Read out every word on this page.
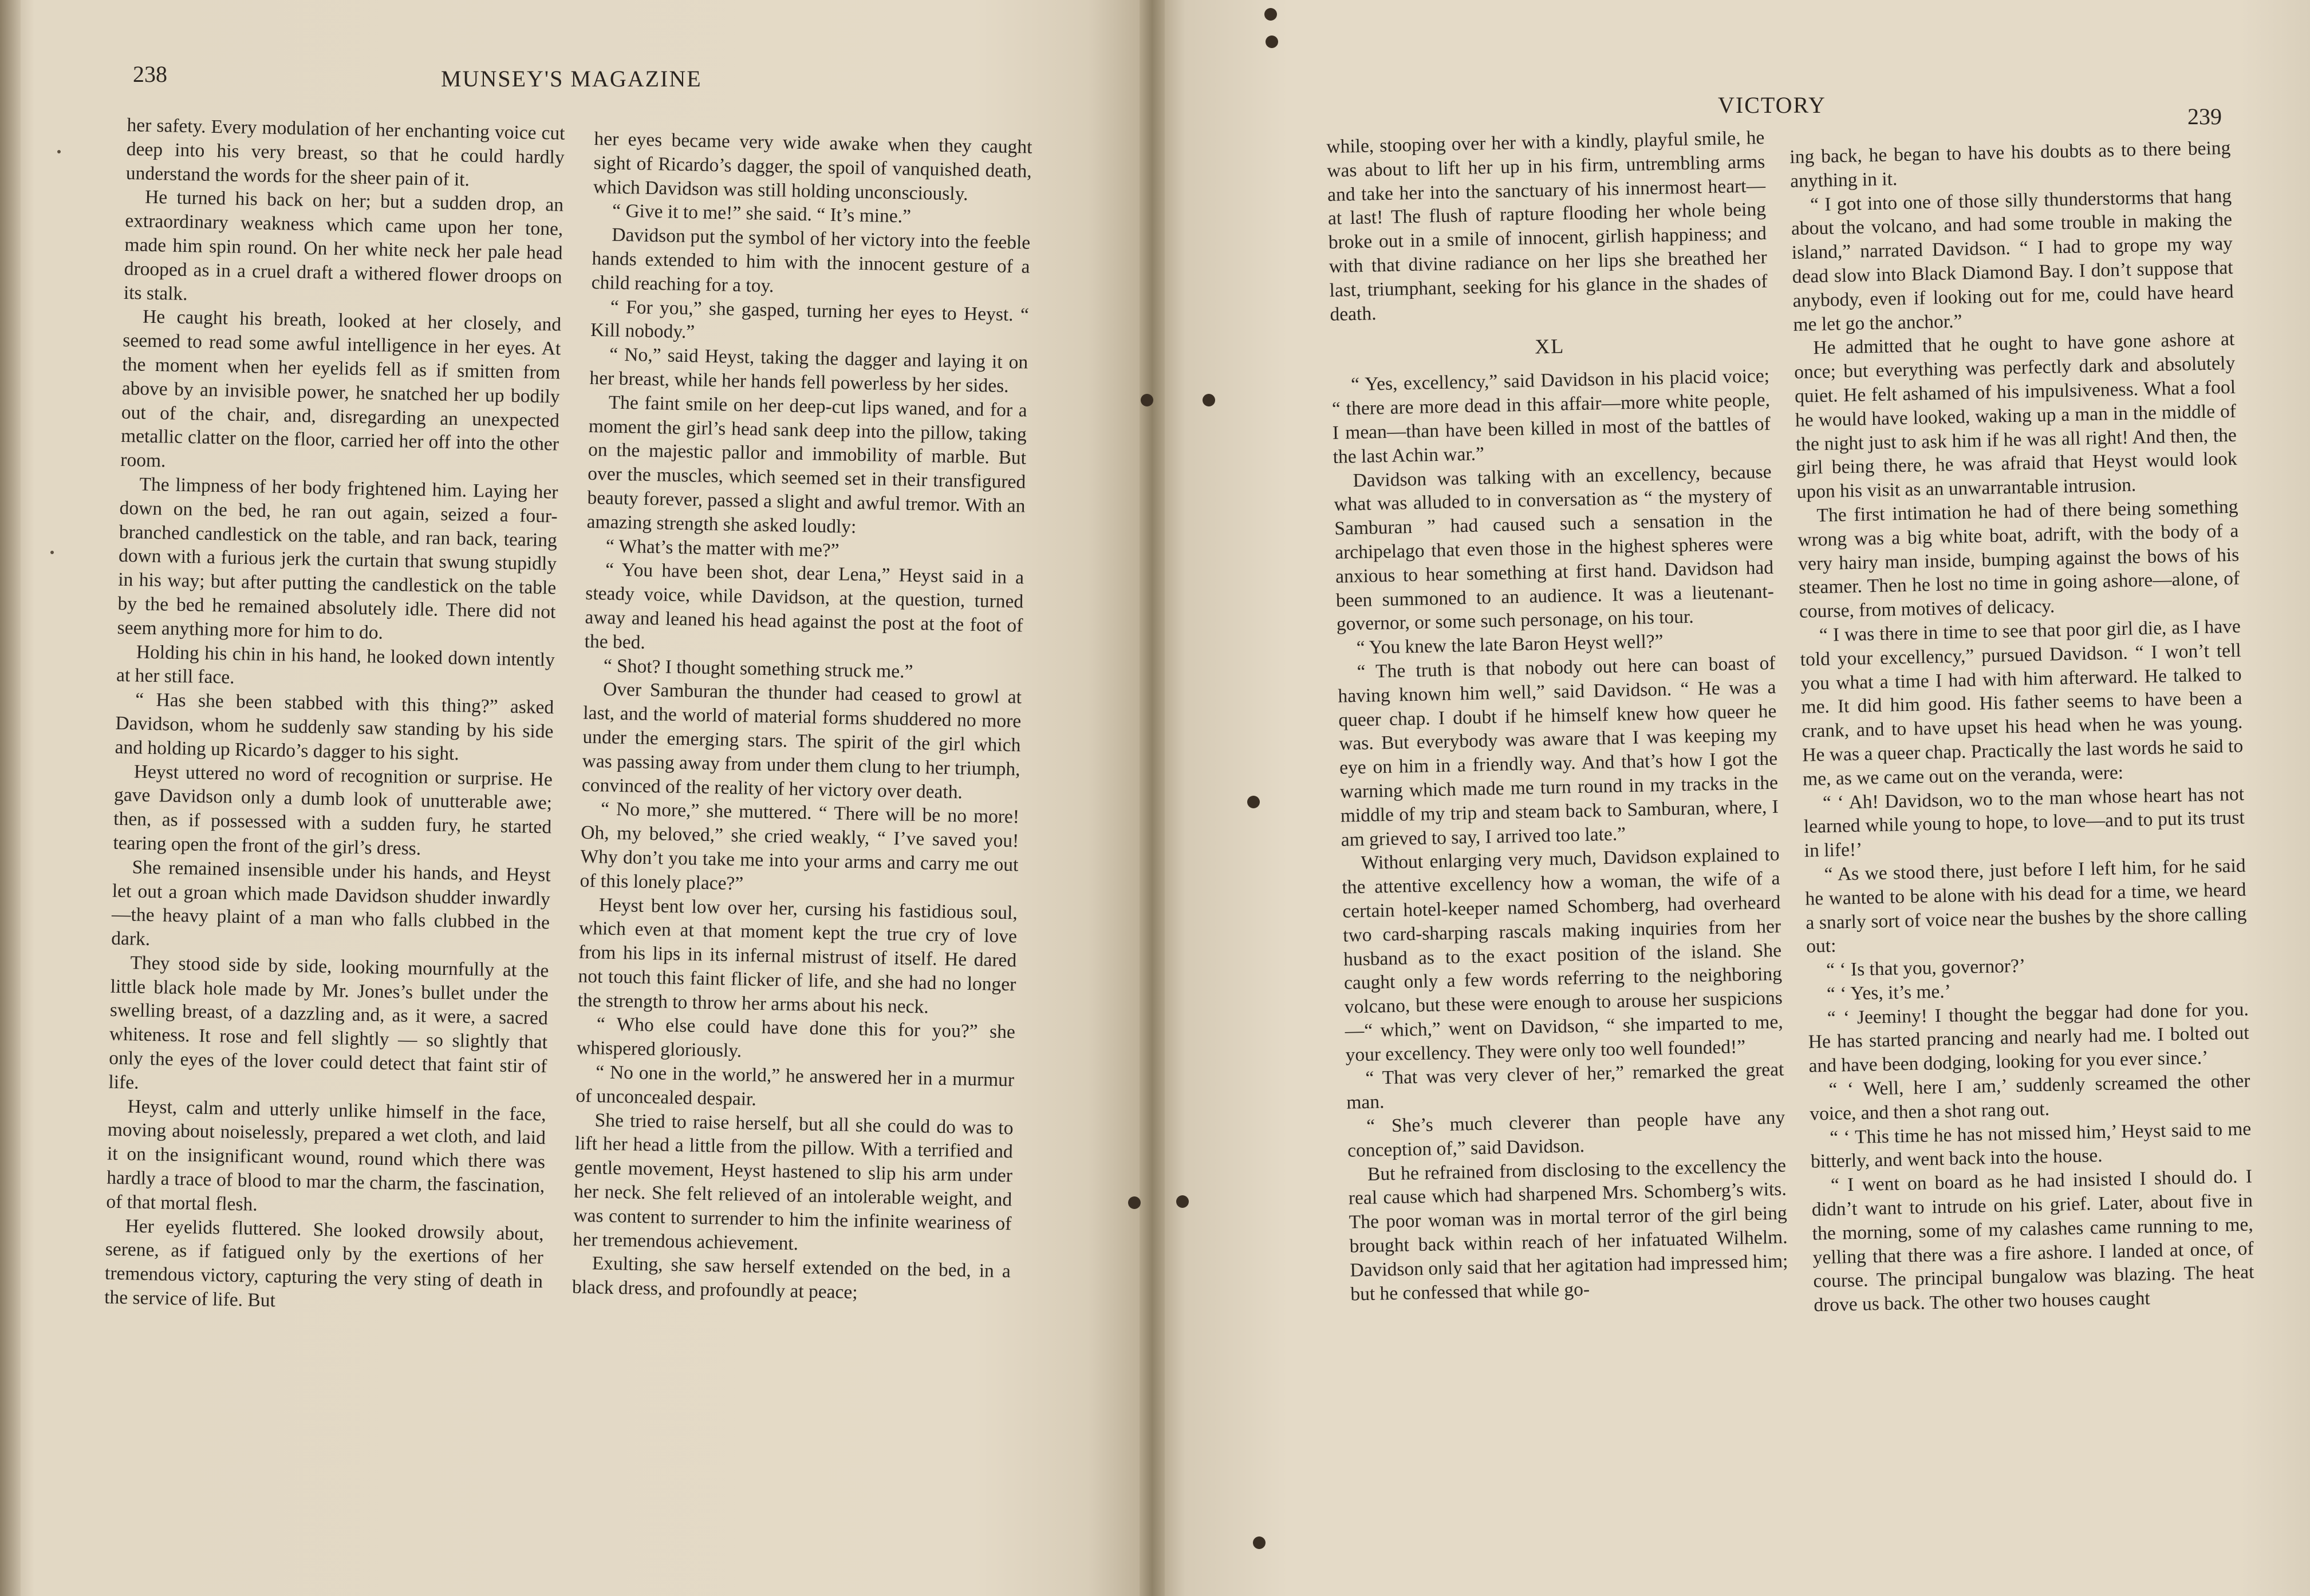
238	MUNSEY'S MAGAZINE

her safety. Every modulation of her enchanting voice cut deep into his very breast, so that he could hardly understand the words for the sheer pain of it.

He turned his back on her; but a sudden drop, an extraordinary weakness which came upon her tone, made him spin round. On her white neck her pale head drooped as in a cruel draft a withered flower droops on its stalk.

He caught his breath, looked at her closely, and seemed to read some awful intelligence in her eyes. At the moment when her eyelids fell as if smitten from above by an invisible power, he snatched her up bodily out of the chair, and, disregarding an unexpected metallic clatter on the floor, carried her off into the other room.

The limpness of her body frightened him. Laying her down on the bed, he ran out again, seized a four-branched candlestick on the table, and ran back, tearing down with a furious jerk the curtain that swung stupidly in his way; but after putting the candlestick on the table by the bed he remained absolutely idle. There did not seem anything more for him to do.

Holding his chin in his hand, he looked down intently at her still face.

“ Has she been stabbed with this thing?” asked Davidson, whom he suddenly saw standing by his side and holding up Ricardo’s dagger to his sight.

Heyst uttered no word of recognition or surprise. He gave Davidson only a dumb look of unutterable awe; then, as if possessed with a sudden fury, he started tearing open the front of the girl’s dress.

She remained insensible under his hands, and Heyst let out a groan which made Davidson shudder inwardly—the heavy plaint of a man who falls clubbed in the dark.

They stood side by side, looking mournfully at the little black hole made by Mr. Jones’s bullet under the swelling breast, of a dazzling and, as it were, a sacred whiteness. It rose and fell slightly — so slightly that only the eyes of the lover could detect that faint stir of life.

Heyst, calm and utterly unlike himself in the face, moving about noiselessly, prepared a wet cloth, and laid it on the insignificant wound, round which there was hardly a trace of blood to mar the charm, the fascination, of that mortal flesh.

Her eyelids fluttered. She looked drowsily about, serene, as if fatigued only by the exertions of her tremendous victory, capturing the very sting of death in the service of life. But

her eyes became very wide awake when they caught sight of Ricardo’s dagger, the spoil of vanquished death, which Davidson was still holding unconsciously.

“ Give it to me!” she said. “ It’s mine.”

Davidson put the symbol of her victory into the feeble hands extended to him with the innocent gesture of a child reaching for a toy.

“ For you,” she gasped, turning her eyes to Heyst. “ Kill nobody.”

“ No,” said Heyst, taking the dagger and laying it on her breast, while her hands fell powerless by her sides.

The faint smile on her deep-cut lips waned, and for a moment the girl’s head sank deep into the pillow, taking on the majestic pallor and immobility of marble. But over the muscles, which seemed set in their transfigured beauty forever, passed a slight and awful tremor. With an amazing strength she asked loudly:

“ What’s the matter with me?”

“ You have been shot, dear Lena,” Heyst said in a steady voice, while Davidson, at the question, turned away and leaned his head against the post at the foot of the bed.

“ Shot? I thought something struck me.”

Over Samburan the thunder had ceased to growl at last, and the world of material forms shuddered no more under the emerging stars. The spirit of the girl which was passing away from under them clung to her triumph, convinced of the reality of her victory over death.

“ No more,” she muttered. “ There will be no more! Oh, my beloved,” she cried weakly, “ I’ve saved you! Why don’t you take me into your arms and carry me out of this lonely place?”

Heyst bent low over her, cursing his fastidious soul, which even at that moment kept the true cry of love from his lips in its infernal mistrust of itself. He dared not touch this faint flicker of life, and she had no longer the strength to throw her arms about his neck.

“ Who else could have done this for you?” she whispered gloriously.

“ No one in the world,” he answered her in a murmur of unconcealed despair.

She tried to raise herself, but all she could do was to lift her head a little from the pillow. With a terrified and gentle movement, Heyst hastened to slip his arm under her neck. She felt relieved of an intolerable weight, and was content to surrender to him the infinite weariness of her tremendous achievement.

Exulting, she saw herself extended on the bed, in a black dress, and profoundly at peace;

VICTORY	239

while, stooping over her with a kindly, playful smile, he was about to lift her up in his firm, untrembling arms and take her into the sanctuary of his innermost heart—at last! The flush of rapture flooding her whole being broke out in a smile of innocent, girlish happiness; and with that divine radiance on her lips she breathed her last, triumphant, seeking for his glance in the shades of death.

XL

“ Yes, excellency,” said Davidson in his placid voice; “ there are more dead in this affair—more white people, I mean—than have been killed in most of the battles of the last Achin war.”

Davidson was talking with an excellency, because what was alluded to in conversation as “ the mystery of Samburan ” had caused such a sensation in the archipelago that even those in the highest spheres were anxious to hear something at first hand. Davidson had been summoned to an audience. It was a lieutenant-governor, or some such personage, on his tour.

“ You knew the late Baron Heyst well?”

“ The truth is that nobody out here can boast of having known him well,” said Davidson. “ He was a queer chap. I doubt if he himself knew how queer he was. But everybody was aware that I was keeping my eye on him in a friendly way. And that’s how I got the warning which made me turn round in my tracks in the middle of my trip and steam back to Samburan, where, I am grieved to say, I arrived too late.”

Without enlarging very much, Davidson explained to the attentive excellency how a woman, the wife of a certain hotel-keeper named Schomberg, had overheard two card-sharping rascals making inquiries from her husband as to the exact position of the island. She caught only a few words referring to the neighboring volcano, but these were enough to arouse her suspicions—“ which,” went on Davidson, “ she imparted to me, your excellency. They were only too well founded!”

“ That was very clever of her,” remarked the great man.

“ She’s much cleverer than people have any conception of,” said Davidson.

But he refrained from disclosing to the excellency the real cause which had sharpened Mrs. Schomberg’s wits. The poor woman was in mortal terror of the girl being brought back within reach of her infatuated Wilhelm. Davidson only said that her agitation had impressed him; but he confessed that while go-

ing back, he began to have his doubts as to there being anything in it.

“ I got into one of those silly thunderstorms that hang about the volcano, and had some trouble in making the island,” narrated Davidson. “ I had to grope my way dead slow into Black Diamond Bay. I don’t suppose that anybody, even if looking out for me, could have heard me let go the anchor.”

He admitted that he ought to have gone ashore at once; but everything was perfectly dark and absolutely quiet. He felt ashamed of his impulsiveness. What a fool he would have looked, waking up a man in the middle of the night just to ask him if he was all right! And then, the girl being there, he was afraid that Heyst would look upon his visit as an unwarrantable intrusion.

The first intimation he had of there being something wrong was a big white boat, adrift, with the body of a very hairy man inside, bumping against the bows of his steamer. Then he lost no time in going ashore—alone, of course, from motives of delicacy.

“ I was there in time to see that poor girl die, as I have told your excellency,” pursued Davidson. “ I won’t tell you what a time I had with him afterward. He talked to me. It did him good. His father seems to have been a crank, and to have upset his head when he was young. He was a queer chap. Practically the last words he said to me, as we came out on the veranda, were:

“ ‘ Ah! Davidson, wo to the man whose heart has not learned while young to hope, to love—and to put its trust in life!’

“ As we stood there, just before I left him, for he said he wanted to be alone with his dead for a time, we heard a snarly sort of voice near the bushes by the shore calling out:

“ ‘ Is that you, governor?’

“ ‘ Yes, it’s me.’

“ ‘ Jeeminy! I thought the beggar had done for you. He has started prancing and nearly had me. I bolted out and have been dodging, looking for you ever since.’

“ ‘ Well, here I am,’ suddenly screamed the other voice, and then a shot rang out.

“ ‘ This time he has not missed him,’ Heyst said to me bitterly, and went back into the house.

“ I went on board as he had insisted I should do. I didn’t want to intrude on his grief. Later, about five in the morning, some of my calashes came running to me, yelling that there was a fire ashore. I landed at once, of course. The principal bungalow was blazing. The heat drove us back. The other two houses caught
